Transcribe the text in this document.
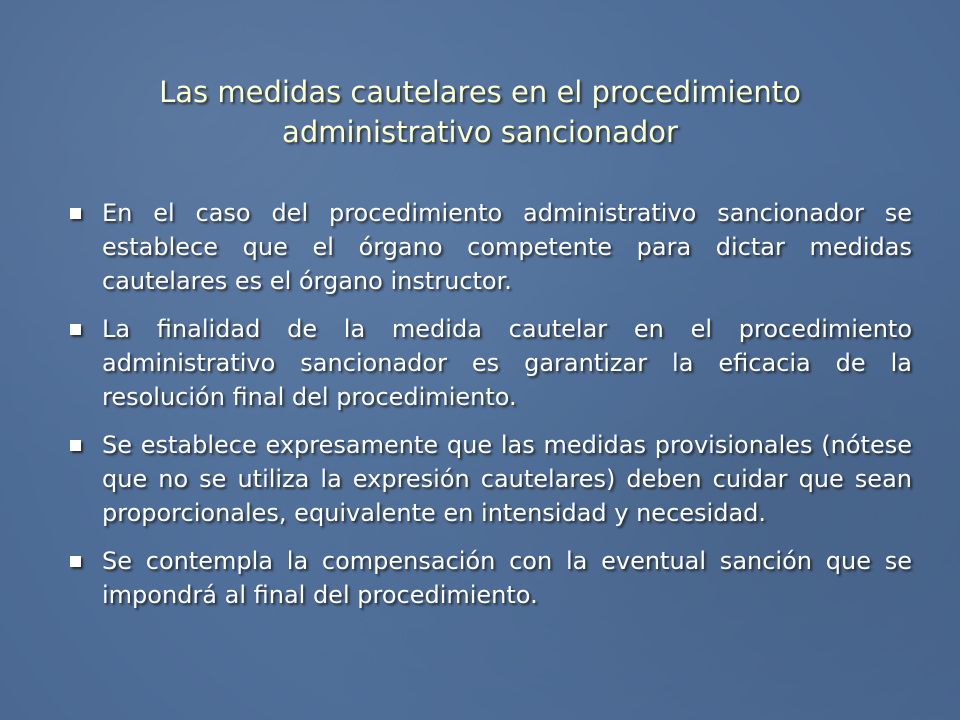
Las medidas cautelares en el procedimiento
administrativo sancionador
En el caso del procedimiento administrativo sancionador se establece que el órgano competente para dictar medidas cautelares es el órgano instructor.
La finalidad de la medida cautelar en el procedimiento administrativo sancionador es garantizar la eficacia de la resolución final del procedimiento.
Se establece expresamente que las medidas provisionales (nótese que no se utiliza la expresión cautelares) deben cuidar que sean proporcionales, equivalente en intensidad y necesidad.
Se contempla la compensación con la eventual sanción que se impondrá al final del procedimiento.
